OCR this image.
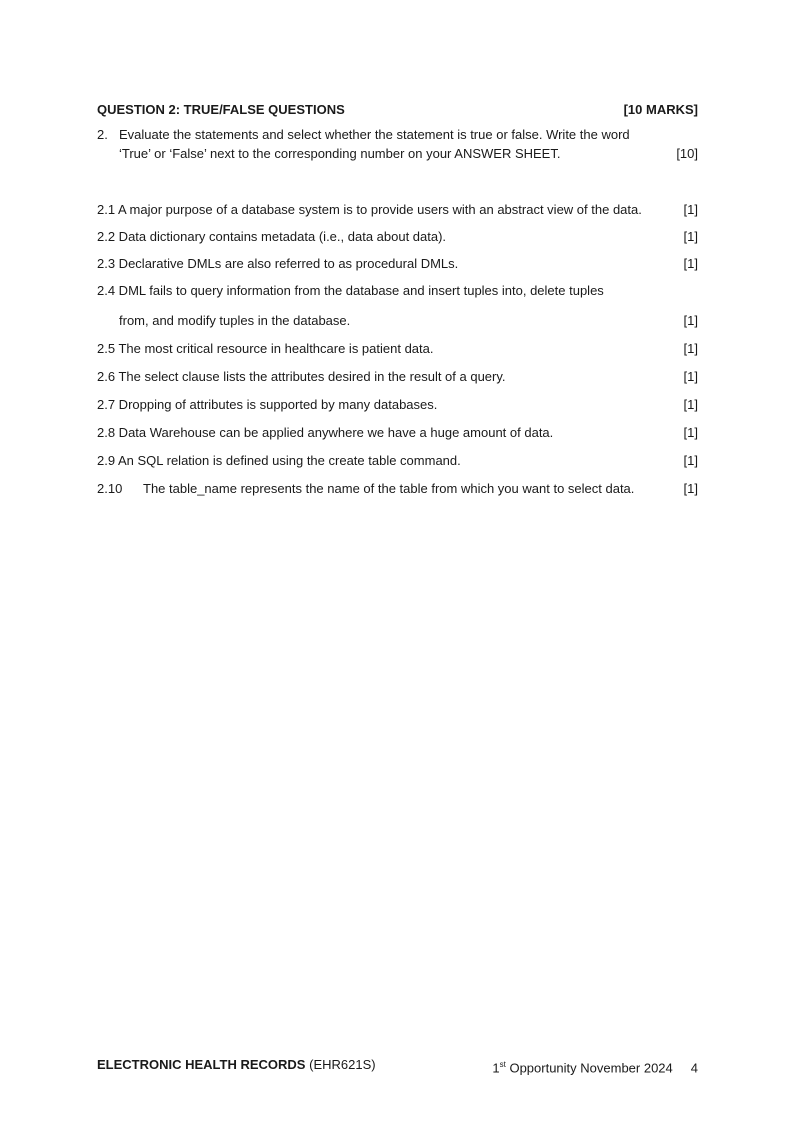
QUESTION 2: TRUE/FALSE QUESTIONS	[10 MARKS]
2. Evaluate the statements and select whether the statement is true or false. Write the word
‘True’ or ‘False’ next to the corresponding number on your ANSWER SHEET.	[10]
2.1 A major purpose of a database system is to provide users with an abstract view of the data.	[1]
2.2 Data dictionary contains metadata (i.e., data about data).	[1]
2.3 Declarative DMLs are also referred to as procedural DMLs.	[1]
2.4 DML fails to query information from the database and insert tuples into, delete tuples
from, and modify tuples in the database.	[1]
2.5 The most critical resource in healthcare is patient data.	[1]
2.6 The select clause lists the attributes desired in the result of a query.	[1]
2.7 Dropping of attributes is supported by many databases.	[1]
2.8 Data Warehouse can be applied anywhere we have a huge amount of data.	[1]
2.9 An SQL relation is defined using the create table command.	[1]
2.10 The table_name represents the name of the table from which you want to select data.	[1]
ELECTRONIC HEALTH RECORDS (EHR621S)	1st Opportunity November 2024 4
